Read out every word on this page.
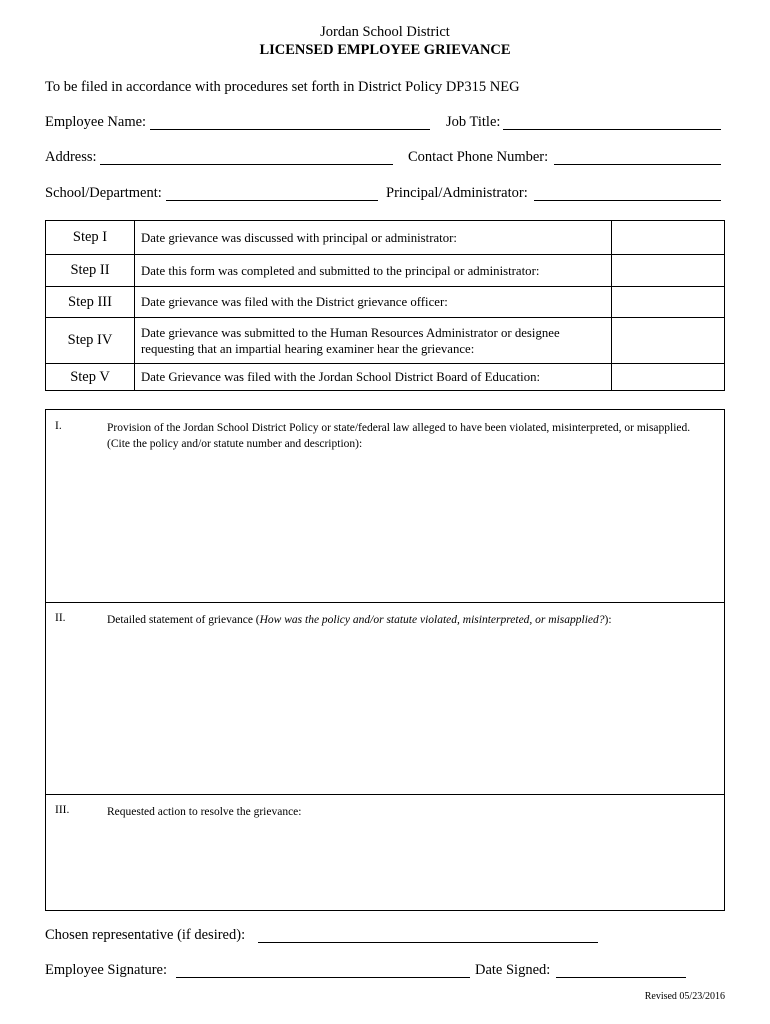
Jordan School District
LICENSED EMPLOYEE GRIEVANCE
To be filed in accordance with procedures set forth in District Policy DP315 NEG
Employee Name:	Job Title:
Address:	Contact Phone Number:
School/Department:	Principal/Administrator:
Step I	Date grievance was discussed with principal or administrator:	
Step II	Date this form was completed and submitted to the principal or administrator:	
Step III	Date grievance was filed with the District grievance officer:	
Step IV	Date grievance was submitted to the Human Resources Administrator or designee requesting that an impartial hearing examiner hear the grievance:	
Step V	Date Grievance was filed with the Jordan School District Board of Education:	
I.	Provision of the Jordan School District Policy or state/federal law alleged to have been violated, misinterpreted, or misapplied. (Cite the policy and/or statute number and description):
II.	Detailed statement of grievance (How was the policy and/or statute violated, misinterpreted, or misapplied?):
III.	Requested action to resolve the grievance:
Chosen representative (if desired):
Employee Signature:	Date Signed:
Revised 05/23/2016
